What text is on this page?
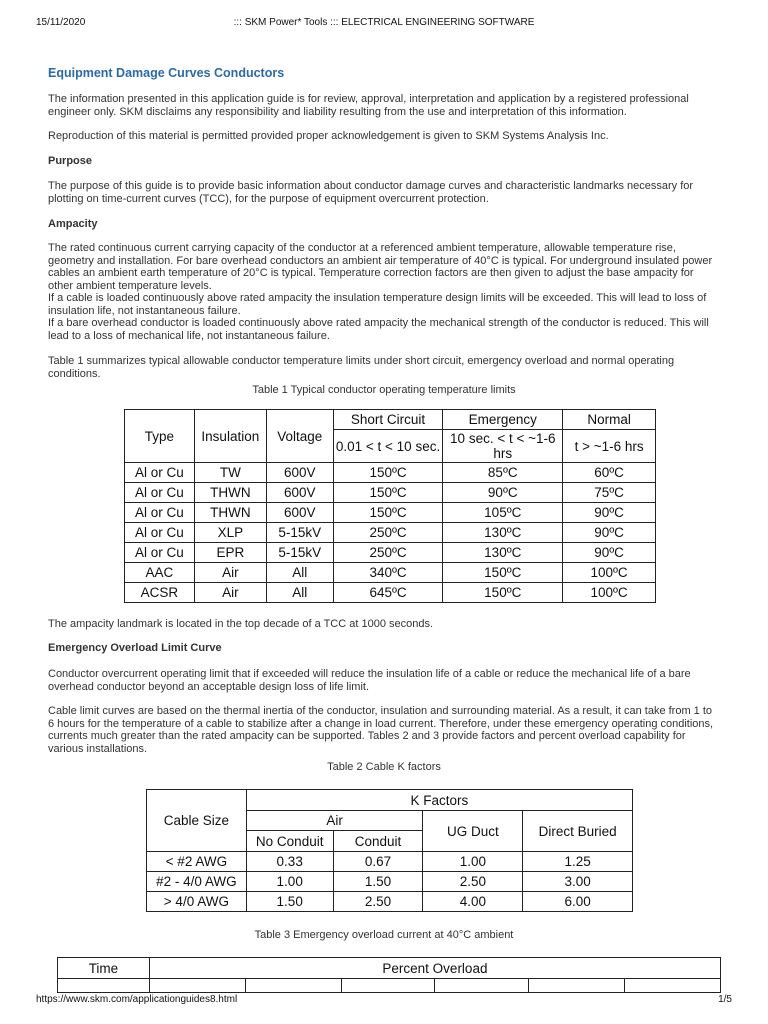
15/11/2020	::: SKM Power* Tools ::: ELECTRICAL ENGINEERING SOFTWARE
Equipment Damage Curves Conductors
The information presented in this application guide is for review, approval, interpretation and application by a registered professional engineer only. SKM disclaims any responsibility and liability resulting from the use and interpretation of this information.
Reproduction of this material is permitted provided proper acknowledgement is given to SKM Systems Analysis Inc.
Purpose
The purpose of this guide is to provide basic information about conductor damage curves and characteristic landmarks necessary for plotting on time-current curves (TCC), for the purpose of equipment overcurrent protection.
Ampacity
The rated continuous current carrying capacity of the conductor at a referenced ambient temperature, allowable temperature rise, geometry and installation. For bare overhead conductors an ambient air temperature of 40°C is typical. For underground insulated power cables an ambient earth temperature of 20°C is typical. Temperature correction factors are then given to adjust the base ampacity for other ambient temperature levels.
If a cable is loaded continuously above rated ampacity the insulation temperature design limits will be exceeded. This will lead to loss of insulation life, not instantaneous failure.
If a bare overhead conductor is loaded continuously above rated ampacity the mechanical strength of the conductor is reduced. This will lead to a loss of mechanical life, not instantaneous failure.
Table 1 summarizes typical allowable conductor temperature limits under short circuit, emergency overload and normal operating conditions.
Table 1 Typical conductor operating temperature limits
The ampacity landmark is located in the top decade of a TCC at 1000 seconds.
Emergency Overload Limit Curve
Conductor overcurrent operating limit that if exceeded will reduce the insulation life of a cable or reduce the mechanical life of a bare overhead conductor beyond an acceptable design loss of life limit.
Cable limit curves are based on the thermal inertia of the conductor, insulation and surrounding material. As a result, it can take from 1 to 6 hours for the temperature of a cable to stabilize after a change in load current. Therefore, under these emergency operating conditions, currents much greater than the rated ampacity can be supported. Tables 2 and 3 provide factors and percent overload capability for various installations.
Table 2 Cable K factors
Table 3 Emergency overload current at 40°C ambient
Type	Insulation	Voltage	Short Circuit	Emergency	Normal
			0.01 < t < 10 sec.	10 sec. < t < ~1-6 hrs	t > ~1-6 hrs
Al or Cu	TW	600V	150ºC	85ºC	60ºC
Al or Cu	THWN	600V	150ºC	90ºC	75ºC
Al or Cu	THWN	600V	150ºC	105ºC	90ºC
Al or Cu	XLP	5-15kV	250ºC	130ºC	90ºC
Al or Cu	EPR	5-15kV	250ºC	130ºC	90ºC
AAC	Air	All	340ºC	150ºC	100ºC
ACSR	Air	All	645ºC	150ºC	100ºC
Cable Size	K Factors			
	Air		UG Duct	Direct Buried
	No Conduit	Conduit		
< #2 AWG	0.33	0.67	1.00	1.25
#2 - 4/0 AWG	1.00	1.50	2.50	3.00
> 4/0 AWG	1.50	2.50	4.00	6.00
Time	Percent Overload					

https://www.skm.com/applicationguides8.html	1/5
